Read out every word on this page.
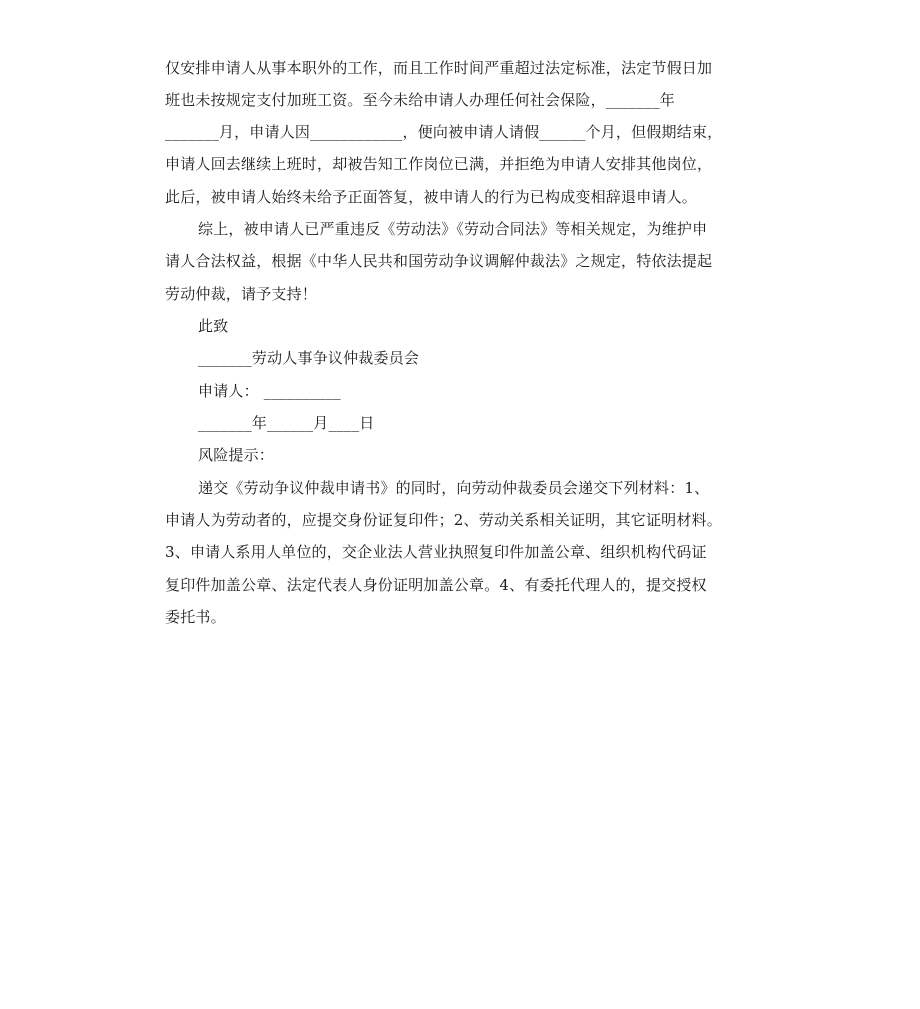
仅安排申请人从事本职外的工作，而且工作时间严重超过法定标准，法定节假日加
班也未按规定支付加班工资。至今未给申请人办理任何社会保险，_______年
_______月，申请人因____________，便向被申请人请假______个月，但假期结束，
申请人回去继续上班时，却被告知工作岗位已满，并拒绝为申请人安排其他岗位，
此后，被申请人始终未给予正面答复，被申请人的行为已构成变相辞退申请人。
综上，被申请人已严重违反《劳动法》《劳动合同法》等相关规定，为维护申
请人合法权益，根据《中华人民共和国劳动争议调解仲裁法》之规定，特依法提起
劳动仲裁，请予支持！
此致
_______劳动人事争议仲裁委员会
申请人： __________
_______年______月____日
风险提示：
递交《劳动争议仲裁申请书》的同时，向劳动仲裁委员会递交下列材料：1、
申请人为劳动者的，应提交身份证复印件；2、劳动关系相关证明，其它证明材料。
3、申请人系用人单位的，交企业法人营业执照复印件加盖公章、组织机构代码证
复印件加盖公章、法定代表人身份证明加盖公章。4、有委托代理人的，提交授权
委托书。
